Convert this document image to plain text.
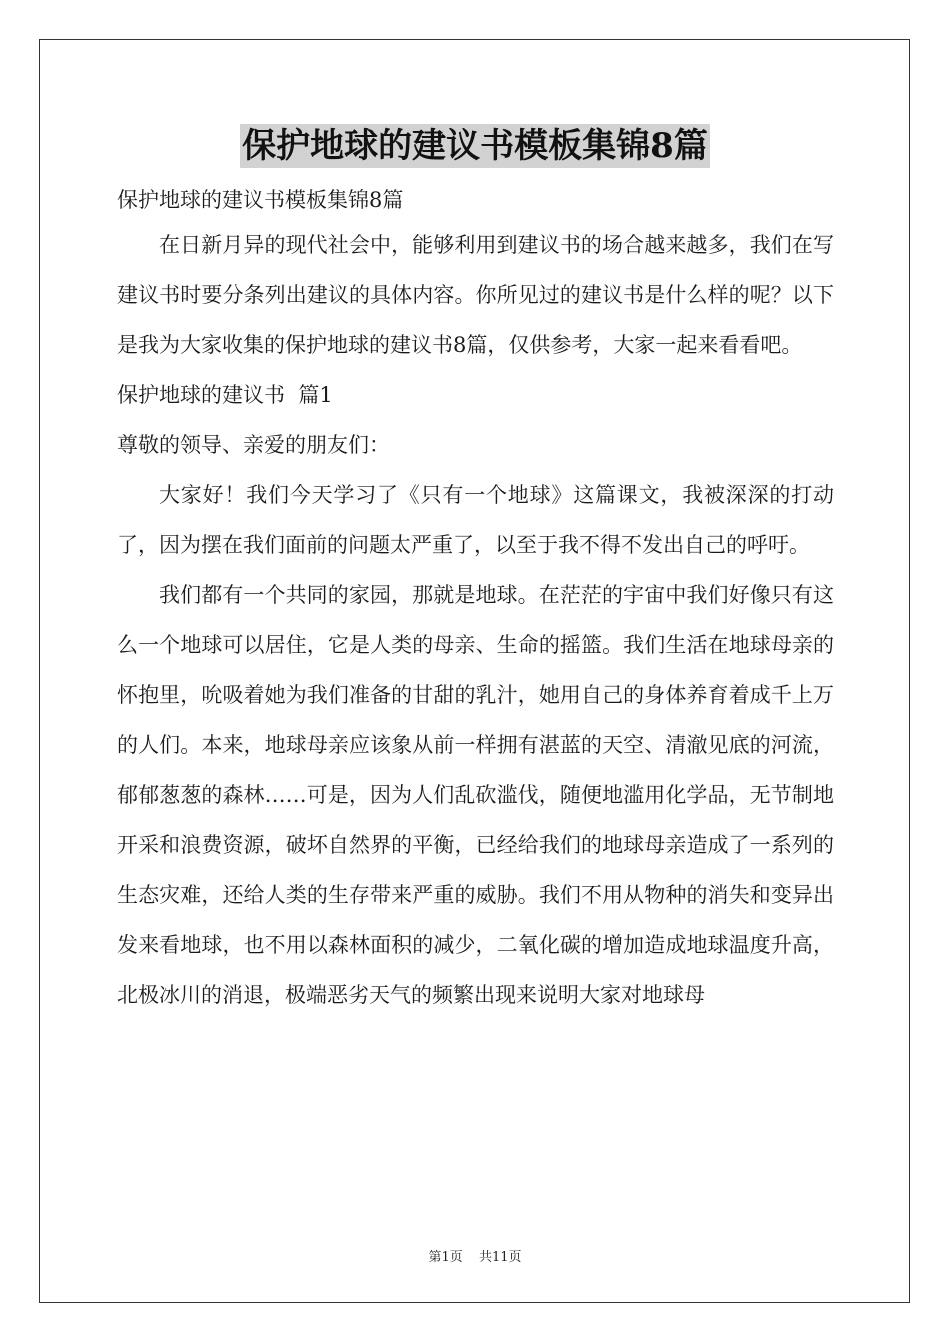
保护地球的建议书模板集锦8篇

保护地球的建议书模板集锦8篇

在日新月异的现代社会中，能够利用到建议书的场合越来越多，我们在写建议书时要分条列出建议的具体内容。你所见过的建议书是什么样的呢？以下是我为大家收集的保护地球的建议书8篇，仅供参考，大家一起来看看吧。

保护地球的建议书  篇1

尊敬的领导、亲爱的朋友们：

大家好！我们今天学习了《只有一个地球》这篇课文，我被深深的打动了，因为摆在我们面前的问题太严重了，以至于我不得不发出自己的呼吁。

我们都有一个共同的家园，那就是地球。在茫茫的宇宙中我们好像只有这么一个地球可以居住，它是人类的母亲、生命的摇篮。我们生活在地球母亲的怀抱里，吮吸着她为我们准备的甘甜的乳汁，她用自己的身体养育着成千上万的人们。本来，地球母亲应该象从前一样拥有湛蓝的天空、清澈见底的河流，郁郁葱葱的森林……可是，因为人们乱砍滥伐，随便地滥用化学品，无节制地开采和浪费资源，破坏自然界的平衡，已经给我们的地球母亲造成了一系列的生态灾难，还给人类的生存带来严重的威胁。我们不用从物种的消失和变异出发来看地球，也不用以森林面积的减少，二氧化碳的增加造成地球温度升高，北极冰川的消退，极端恶劣天气的频繁出现来说明大家对地球母

第1页 共11页
